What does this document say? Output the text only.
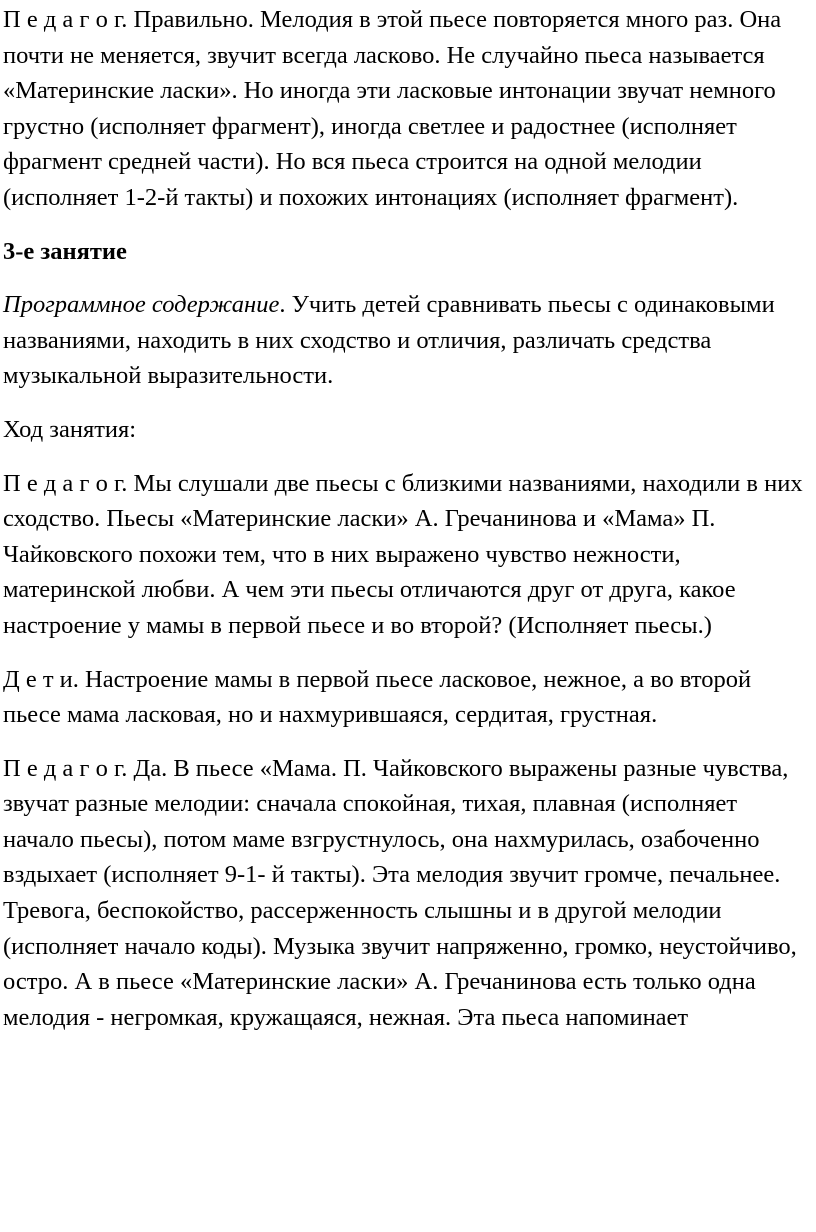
П е д а г о г. Правильно. Мелодия в этой пьесе повторяется много раз. Она почти не меняется, звучит всегда ласково. Не случайно пьеса называется «Материнские ласки». Но иногда эти ласковые интонации звучат немного грустно (исполняет фрагмент), иногда светлее и радостнее (исполняет фрагмент средней части). Но вся пьеса строится на одной мелодии (исполняет 1-2-й такты) и похожих интонациях (исполняет фрагмент).

3-е занятие

Программное содержание. Учить детей сравнивать пьесы с одинаковыми названиями, находить в них сходство и отличия, различать средства музыкальной выразительности.

Ход занятия:

П е д а г о г. Мы слушали две пьесы с близкими названиями, находили в них сходство. Пьесы «Материнские ласки» А. Гречанинова и «Мама» П. Чайковского похожи тем, что в них выражено чувство нежности, материнской любви. А чем эти пьесы отличаются друг от друга, какое настроение у мамы в первой пьесе и во второй? (Исполняет пьесы.)

Д е т и. Настроение мамы в первой пьесе ласковое, нежное, а во второй пьесе мама ласковая, но и нахмурившаяся, сердитая, грустная.

П е д а г о г. Да. В пьесе «Мама. П. Чайковского выражены разные чувства, звучат разные мелодии: сначала спокойная, тихая, плавная (исполняет начало пьесы), потом маме взгрустнулось, она нахмурилась, озабоченно вздыхает (исполняет 9-1- й такты). Эта мелодия звучит громче, печальнее. Тревога, беспокойство, рассерженность слышны и в другой мелодии (исполняет начало коды). Музыка звучит напряженно, громко, неустойчиво, остро. А в пьесе «Материнские ласки» А. Гречанинова есть только одна мелодия - негромкая, кружащаяся, нежная. Эта пьеса напоминает
